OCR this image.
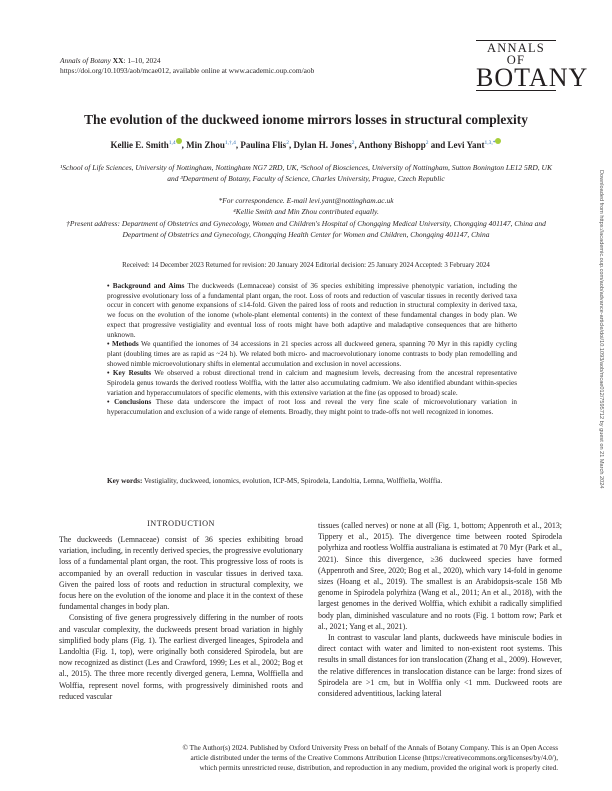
Annals of Botany XX: 1–10, 2024
https://doi.org/10.1093/aob/mcae012, available online at www.academic.oup.com/aob
ANNALS OF
BOTANY
The evolution of the duckweed ionome mirrors losses in structural complexity
Kellie E. Smith$^{1,4}$ , Min Zhou$^{1,\dagger,4}$, Paulina Flis$^2$, Dylan H. Jones$^2$, Anthony Bishopp$^2$ and Levi Yant$^{1,3,*}$
¹School of Life Sciences, University of Nottingham, Nottingham NG7 2RD, UK, ²School of Biosciences, University of Nottingham, Sutton Bonington LE12 5RD, UK and ³Department of Botany, Faculty of Science, Charles University, Prague, Czech Republic
*For correspondence. E-mail levi.yant@nottingham.ac.uk
⁴Kellie Smith and Min Zhou contributed equally.
†Present address: Department of Obstetrics and Gynecology, Women and Children's Hospital of Chongqing Medical University, Chongqing 401147, China and Department of Obstetrics and Gynecology, Chongqing Health Center for Women and Children, Chongqing 401147, China
Received: 14 December 2023 Returned for revision: 20 January 2024 Editorial decision: 25 January 2024 Accepted: 3 February 2024

• Background and Aims The duckweeds (Lemnaceae) consist of 36 species exhibiting impressive phenotypic variation, including the progressive evolutionary loss of a fundamental plant organ, the root. Loss of roots and reduction of vascular tissues in recently derived taxa occur in concert with genome expansions of ≤14-fold. Given the paired loss of roots and reduction in structural complexity in derived taxa, we focus on the evolution of the ionome (whole-plant elemental contents) in the context of these fundamental changes in body plan. We expect that progressive vestigiality and eventual loss of roots might have both adaptive and maladaptive consequences that are hitherto unknown.

• Methods We quantified the ionomes of 34 accessions in 21 species across all duckweed genera, spanning 70 Myr in this rapidly cycling plant (doubling times are as rapid as ~24 h). We related both micro- and macroevolutionary ionome contrasts to body plan remodelling and showed nimble microevolutionary shifts in elemental accumulation and exclusion in novel accessions.

• Key Results We observed a robust directional trend in calcium and magnesium levels, decreasing from the ancestral representative Spirodela genus towards the derived rootless Wolffia, with the latter also accumulating cadmium. We also identified abundant within-species variation and hyperaccumulators of specific elements, with this extensive variation at the fine (as opposed to broad) scale.

• Conclusions These data underscore the impact of root loss and reveal the very fine scale of microevolutionary variation in hyperaccumulation and exclusion of a wide range of elements. Broadly, they might point to trade-offs not well recognized in ionomes.

Key words: Vestigiality, duckweed, ionomics, evolution, ICP-MS, Spirodela, Landoltia, Lemna, Wolffiella, Wolffia.
INTRODUCTION

The duckweeds (Lemnaceae) consist of 36 species exhibiting broad variation, including, in recently derived species, the progressive evolutionary loss of a fundamental plant organ, the root. This progressive loss of roots is accompanied by an overall reduction in vascular tissues in derived taxa. Given the paired loss of roots and reduction in structural complexity, we focus here on the evolution of the ionome and place it in the context of these fundamental changes in body plan.

Consisting of five genera progressively differing in the number of roots and vascular complexity, the duckweeds present broad variation in highly simplified body plans (Fig. 1). The earliest diverged lineages, Spirodela and Landoltia (Fig. 1, top), were originally both considered Spirodela, but are now recognized as distinct (Les and Crawford, 1999; Les et al., 2002; Bog et al., 2015). The three more recently diverged genera, Lemna, Wolffiella and Wolffia, represent novel forms, with progressively diminished roots and reduced vascular

tissues (called nerves) or none at all (Fig. 1, bottom; Appenroth et al., 2013; Tippery et al., 2015). The divergence time between rooted Spirodela polyrhiza and rootless Wolffia australiana is estimated at 70 Myr (Park et al., 2021). Since this divergence, ≥36 duckweed species have formed (Appenroth and Sree, 2020; Bog et al., 2020), which vary 14-fold in genome sizes (Hoang et al., 2019). The smallest is an Arabidopsis-scale 158 Mb genome in Spirodela polyrhiza (Wang et al., 2011; An et al., 2018), with the largest genomes in the derived Wolffia, which exhibit a radically simplified body plan, diminished vasculature and no roots (Fig. 1 bottom row; Park et al., 2021; Yang et al., 2021).

In contrast to vascular land plants, duckweeds have miniscule bodies in direct contact with water and limited to non-existent root systems. This results in small distances for ion translocation (Zhang et al., 2009). However, the relative differences in translocation distance can be large: frond sizes of Spirodela are >1 cm, but in Wolffia only <1 mm. Duckweed roots are considered adventitious, lacking lateral

© The Author(s) 2024. Published by Oxford University Press on behalf of the Annals of Botany Company. This is an Open Access article distributed under the terms of the Creative Commons Attribution License (https://creativecommons.org/licenses/by/4.0/), which permits unrestricted reuse, distribution, and reproduction in any medium, provided the original work is properly cited.
Downloaded from https://academic.oup.com/aob/advance-article/doi/10.1093/aob/mcae012/7595712 by guest on 21 March 2024
